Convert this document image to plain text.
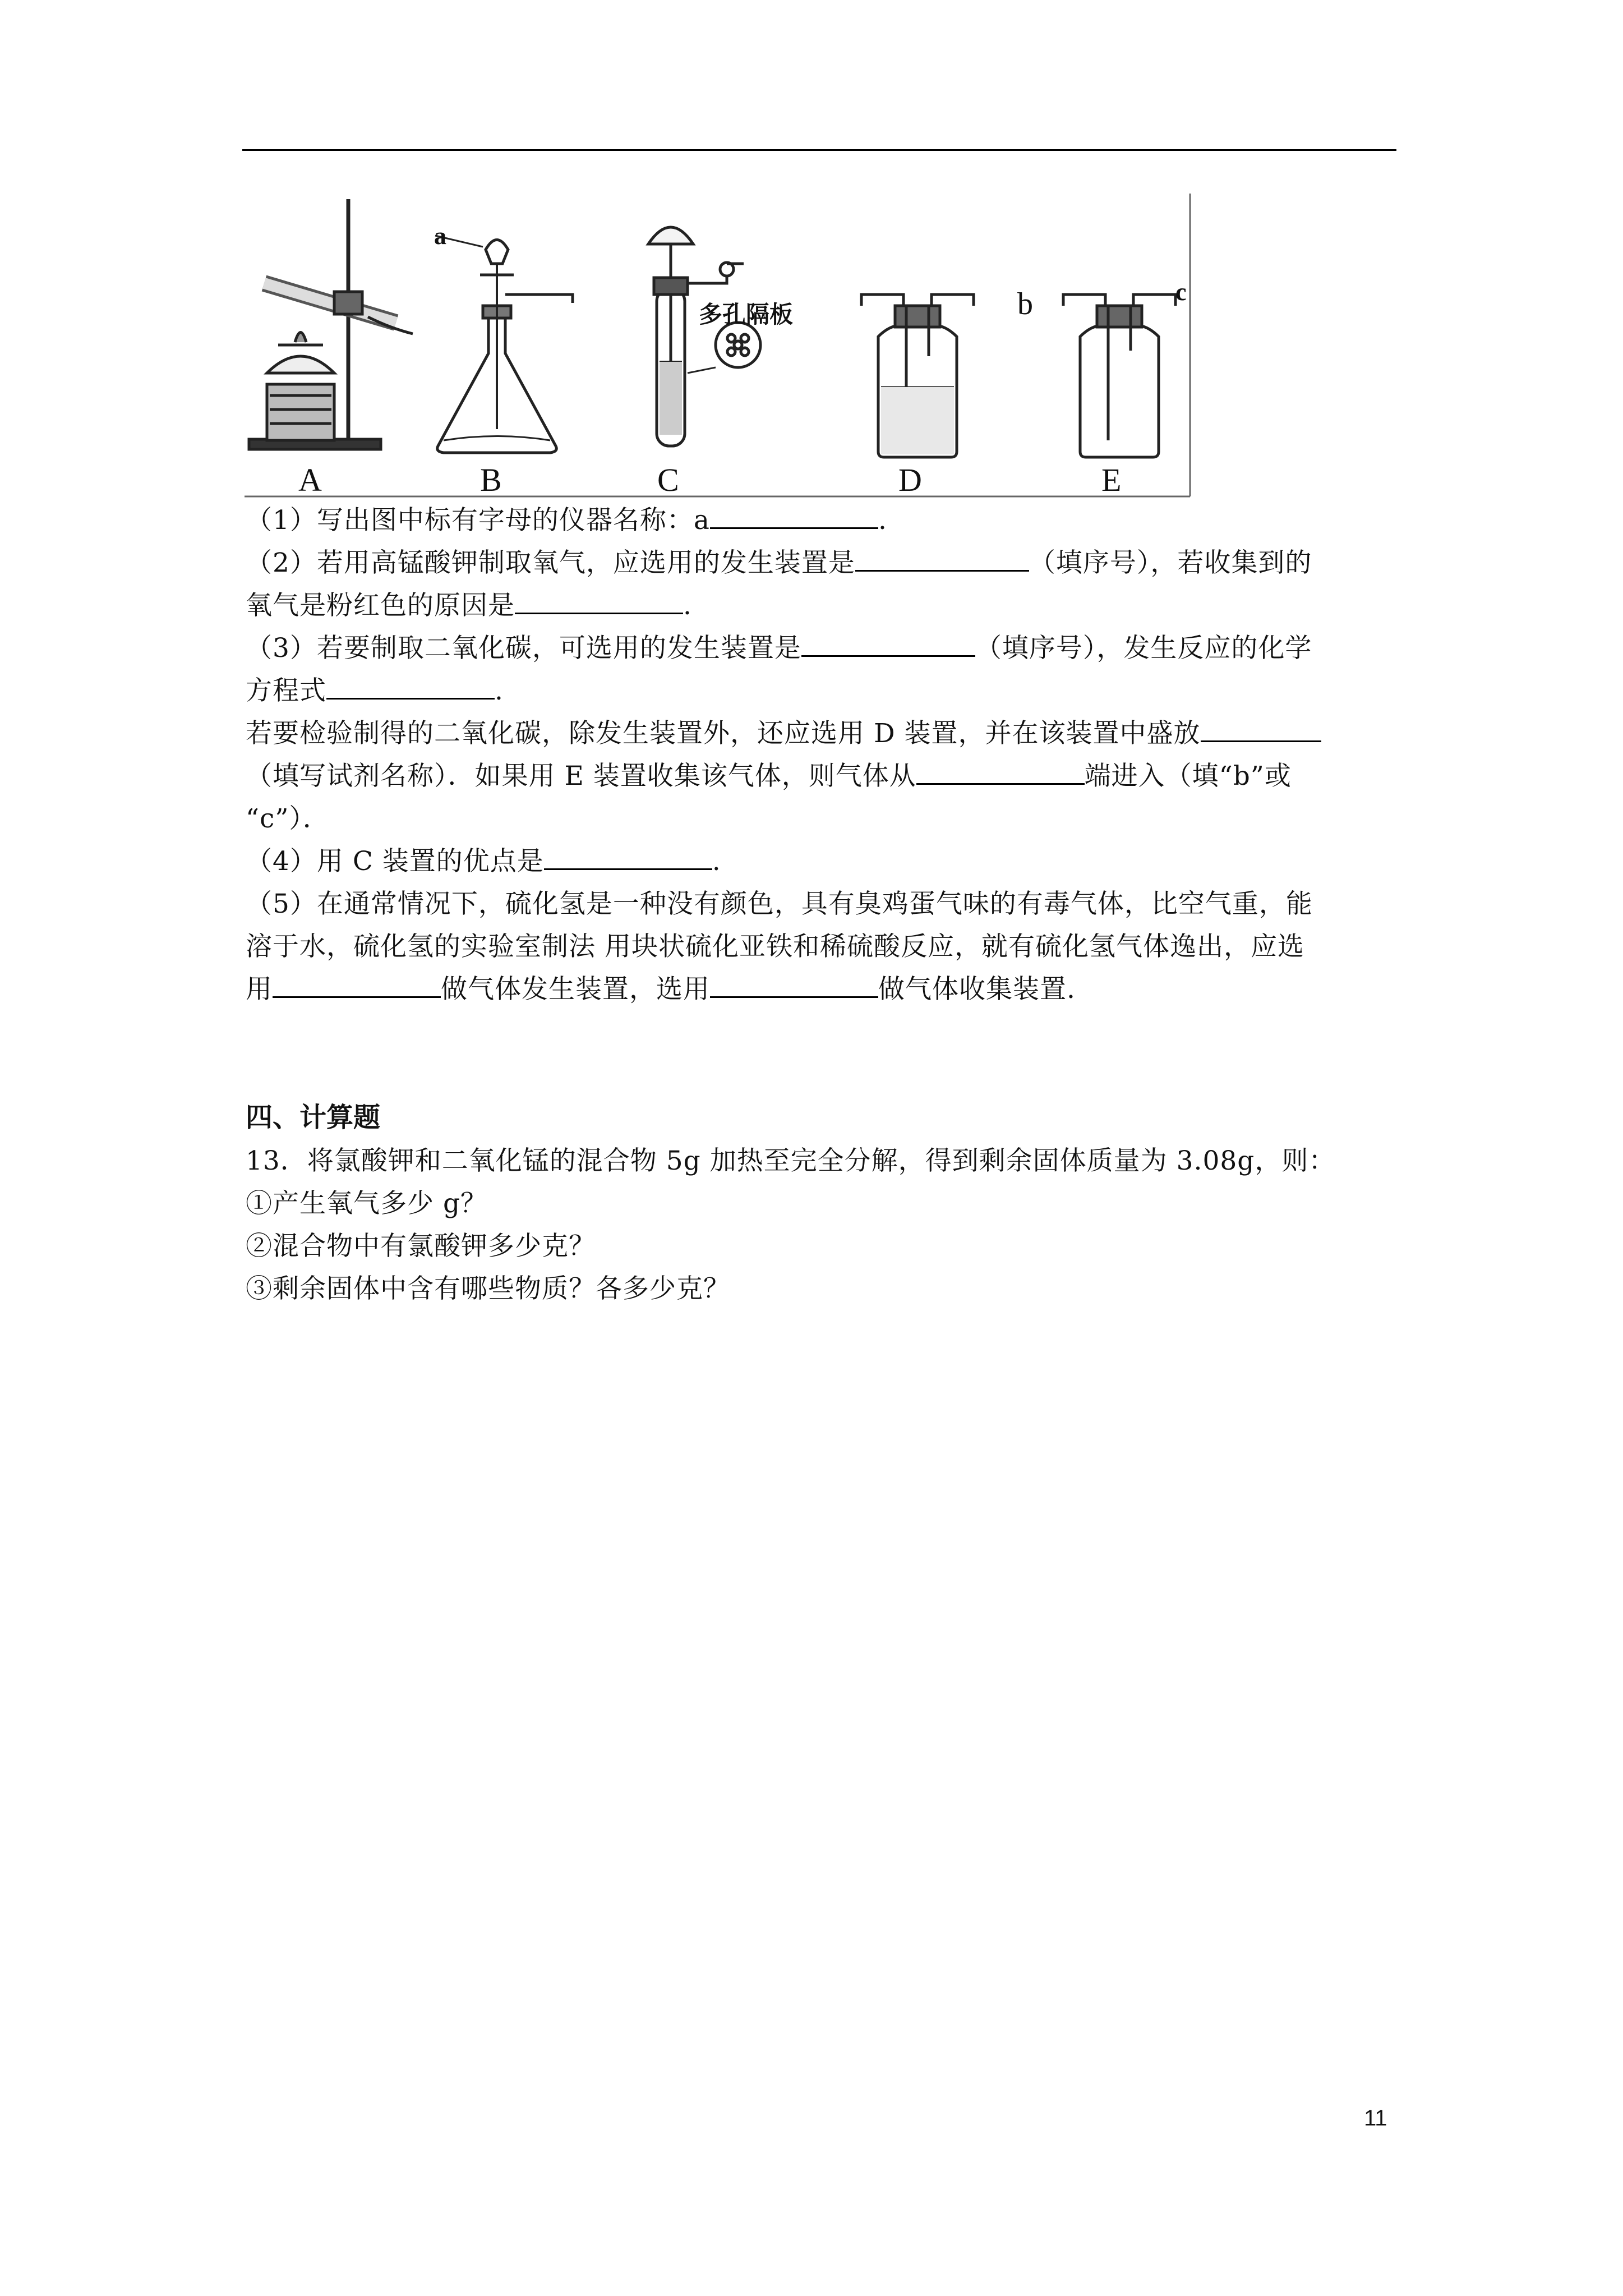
A	B
a
C
多孔隔板
D	E
b	c
（1）写出图中标有字母的仪器名称：a	.
（2）若用高锰酸钾制取氧气，应选用的发生装置是	（填序号），若收集到的
氧气是粉红色的原因是	.
（3）若要制取二氧化碳，可选用的发生装置是	（填序号），发生反应的化学
方程式	.
若要检验制得的二氧化碳，除发生装置外，还应选用 D 装置，并在该装置中盛放
（填写试剂名称）．如果用 E 装置收集该气体，则气体从	端进入（填“b”或
“c”）．
（4）用 C 装置的优点是	.
（5）在通常情况下，硫化氢是一种没有颜色，具有臭鸡蛋气味的有毒气体，比空气重，能
溶于水，硫化氢的实验室制法 用块状硫化亚铁和稀硫酸反应，就有硫化氢气体逸出，应选
用	做气体发生装置，选用	做气体收集装置.
四、计算题
13．将氯酸钾和二氧化锰的混合物 5g 加热至完全分解，得到剩余固体质量为 3.08g，则：
①产生氧气多少 g？
②混合物中有氯酸钾多少克？
③剩余固体中含有哪些物质？各多少克？
11
